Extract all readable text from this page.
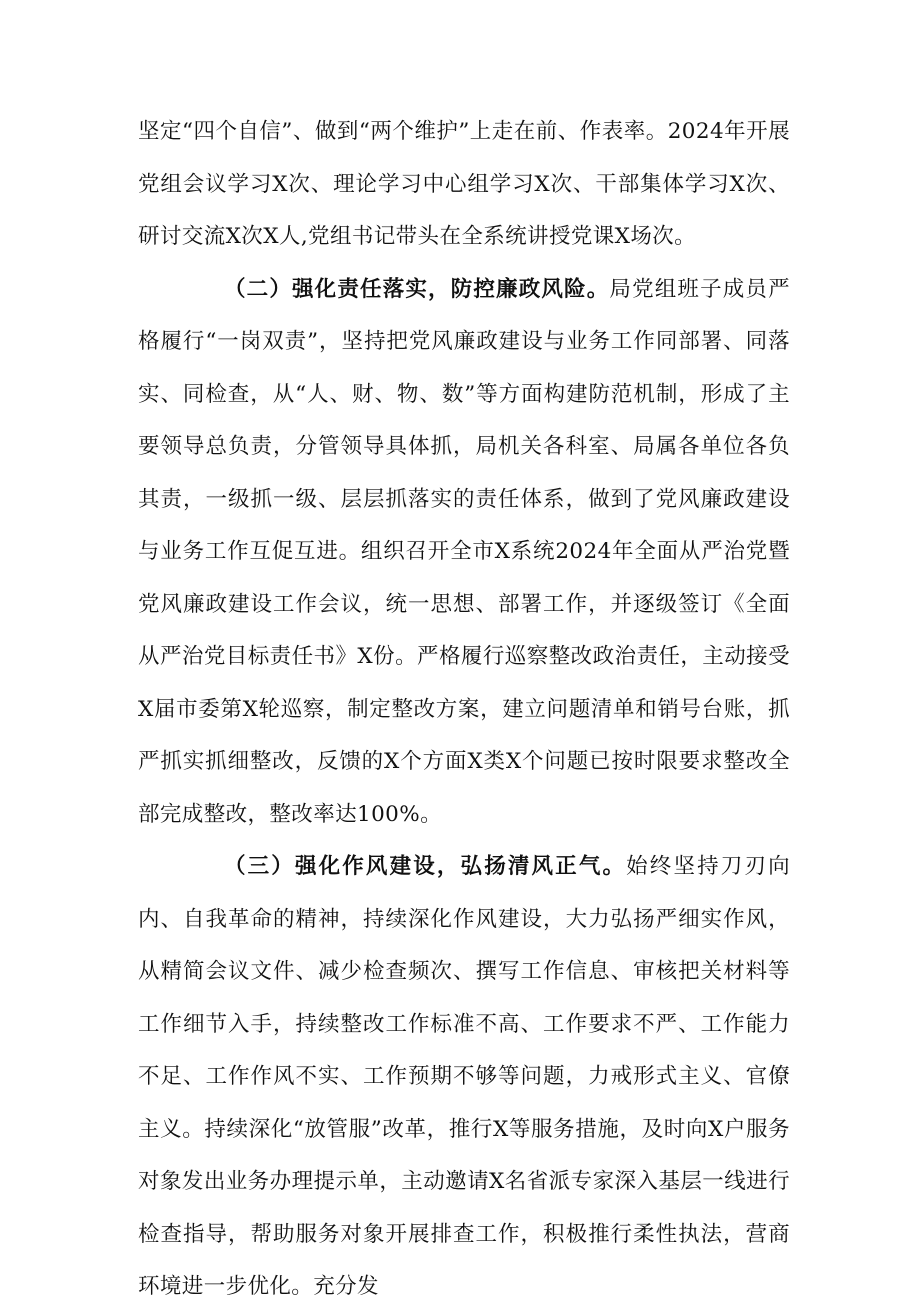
坚定“四个自信”、做到“两个维护”上走在前、作表率。2024年开展党组会议学习X次、理论学习中心组学习X次、干部集体学习X次、研讨交流X次X人,党组书记带头在全系统讲授党课X场次。

（二）强化责任落实，防控廉政风险。局党组班子成员严格履行“一岗双责”，坚持把党风廉政建设与业务工作同部署、同落实、同检查，从“人、财、物、数”等方面构建防范机制，形成了主要领导总负责，分管领导具体抓，局机关各科室、局属各单位各负其责，一级抓一级、层层抓落实的责任体系，做到了党风廉政建设与业务工作互促互进。组织召开全市X系统2024年全面从严治党暨党风廉政建设工作会议，统一思想、部署工作，并逐级签订《全面从严治党目标责任书》X份。严格履行巡察整改政治责任，主动接受X届市委第X轮巡察，制定整改方案，建立问题清单和销号台账，抓严抓实抓细整改，反馈的X个方面X类X个问题已按时限要求整改全部完成整改，整改率达100%。

（三）强化作风建设，弘扬清风正气。始终坚持刀刃向内、自我革命的精神，持续深化作风建设，大力弘扬严细实作风，从精简会议文件、减少检查频次、撰写工作信息、审核把关材料等工作细节入手，持续整改工作标准不高、工作要求不严、工作能力不足、工作作风不实、工作预期不够等问题，力戒形式主义、官僚主义。持续深化“放管服”改革，推行X等服务措施，及时向X户服务对象发出业务办理提示单，主动邀请X名省派专家深入基层一线进行检查指导，帮助服务对象开展排查工作，积极推行柔性执法，营商环境进一步优化。充分发
